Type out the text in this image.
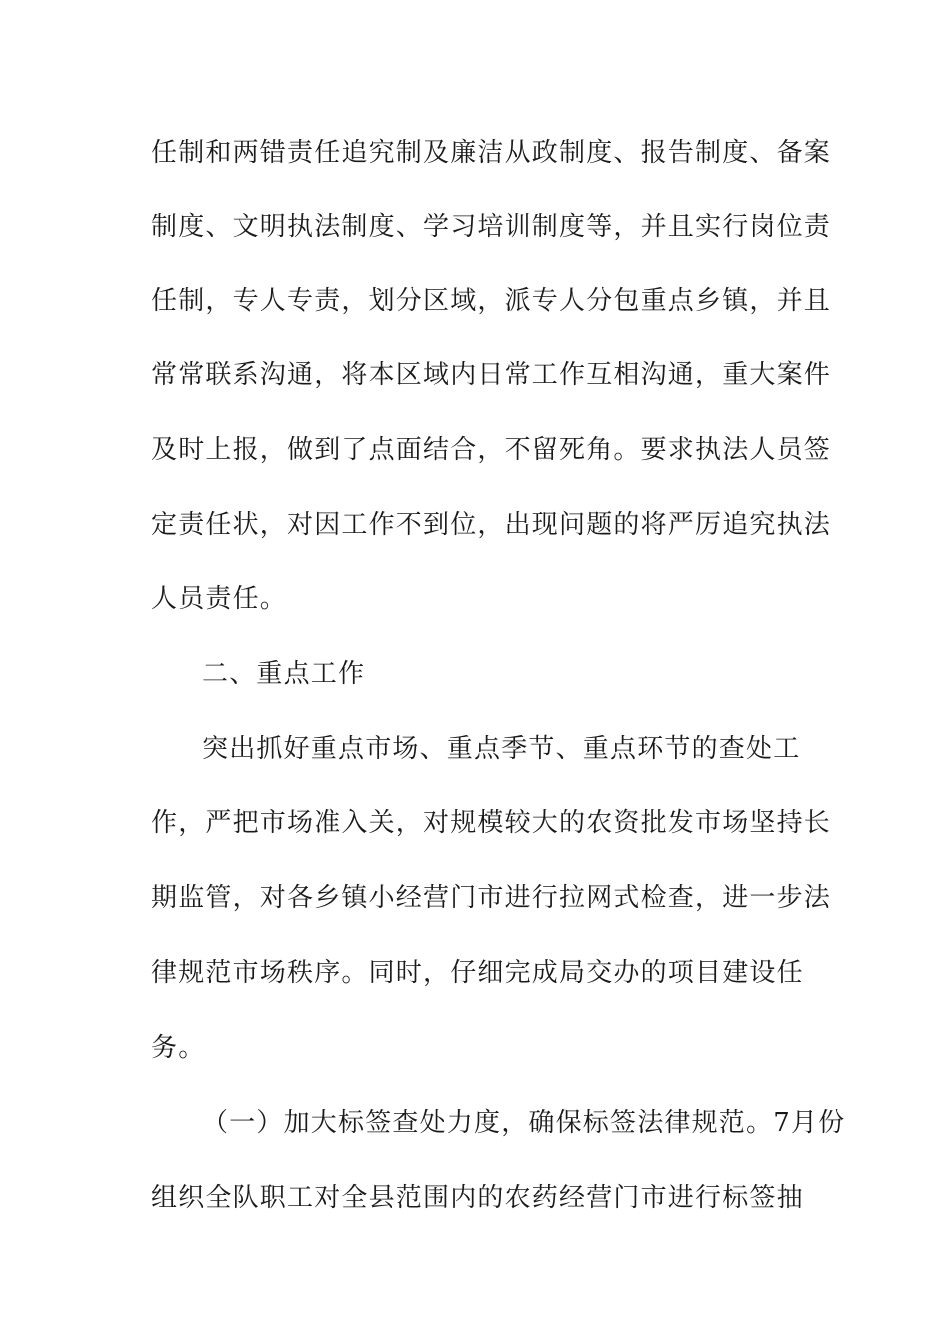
任制和两错责任追究制及廉洁从政制度、报告制度、备案
制度、文明执法制度、学习培训制度等，并且实行岗位责
任制，专人专责，划分区域，派专人分包重点乡镇，并且
常常联系沟通，将本区域内日常工作互相沟通，重大案件
及时上报，做到了点面结合，不留死角。要求执法人员签
定责任状，对因工作不到位，出现问题的将严厉追究执法
人员责任。
二、重点工作
突出抓好重点市场、重点季节、重点环节的查处工
作，严把市场准入关，对规模较大的农资批发市场坚持长
期监管，对各乡镇小经营门市进行拉网式检查，进一步法
律规范市场秩序。同时，仔细完成局交办的项目建设任
务。
（一）加大标签查处力度，确保标签法律规范。7月份
组织全队职工对全县范围内的农药经营门市进行标签抽
